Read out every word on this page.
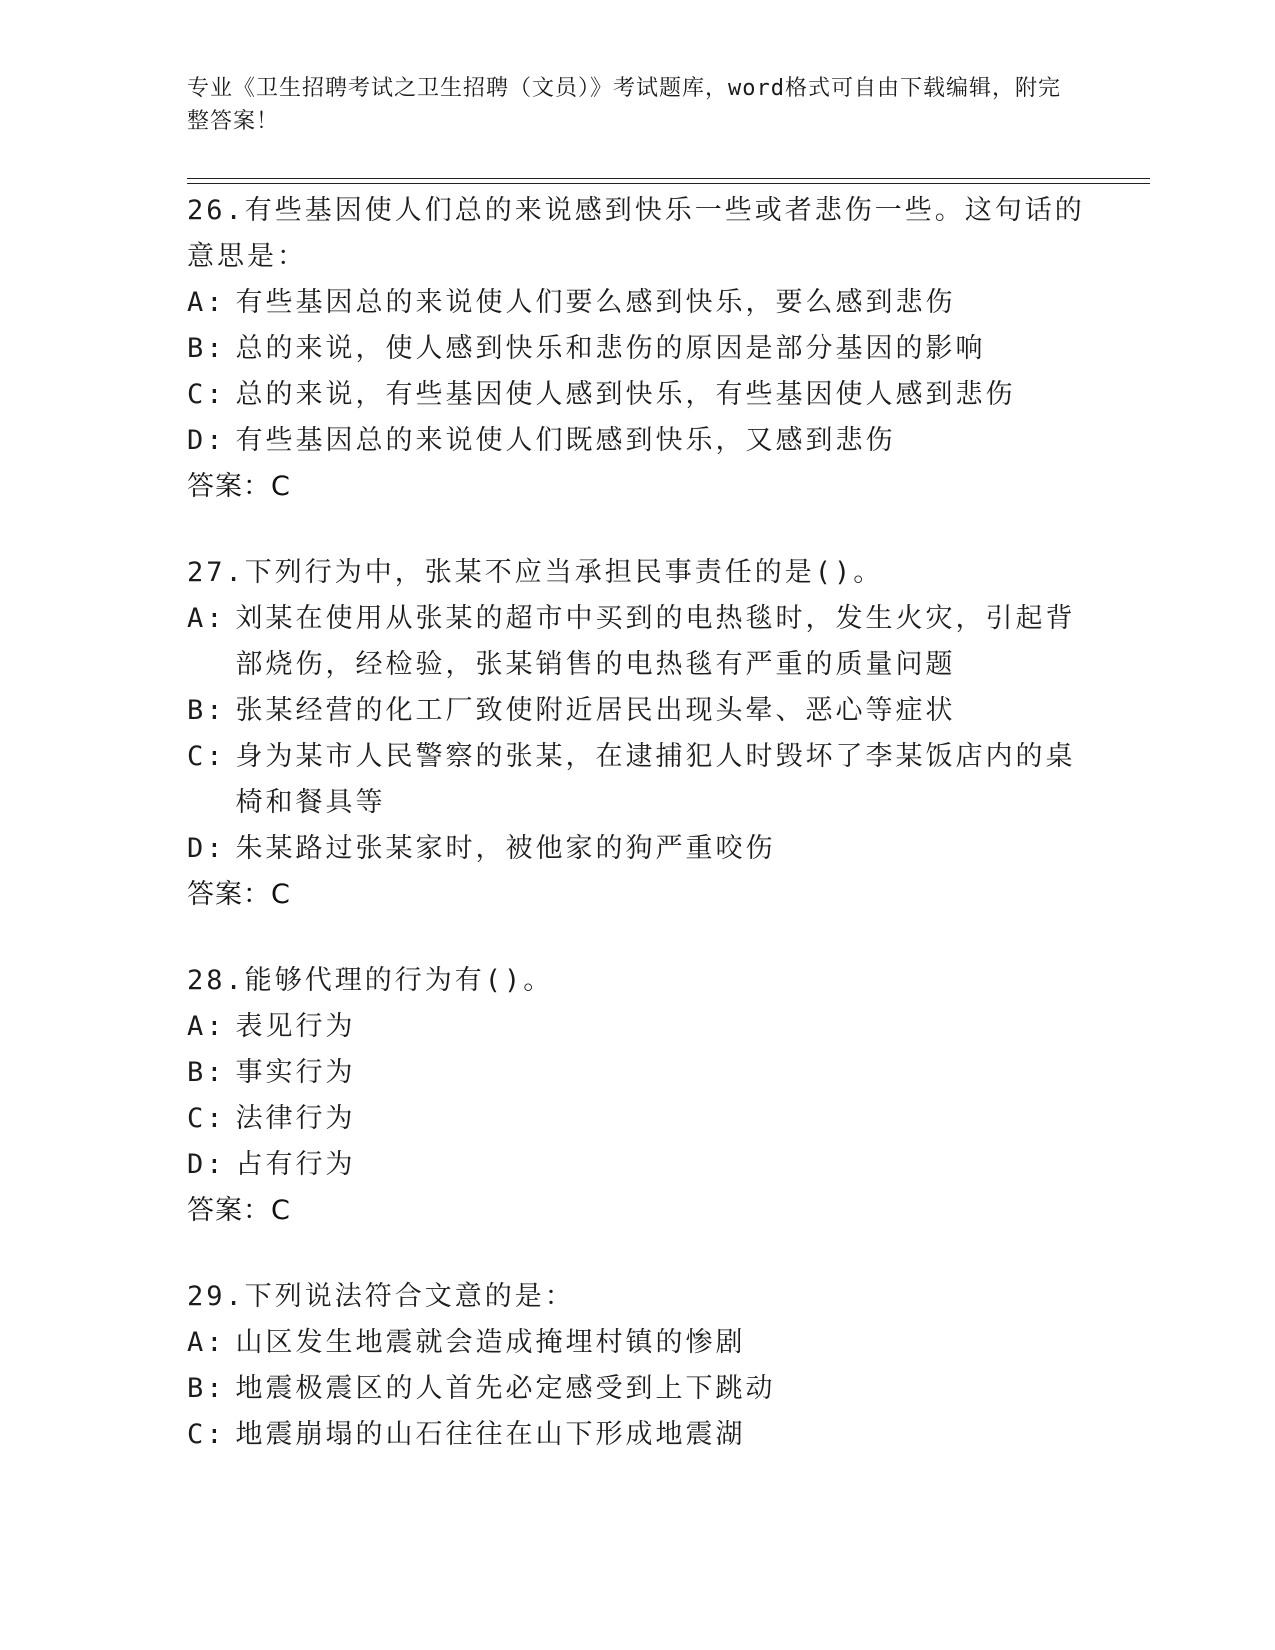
专业《卫生招聘考试之卫生招聘（文员）》考试题库，word格式可自由下载编辑，附完整答案！
26.有些基因使人们总的来说感到快乐一些或者悲伤一些。这句话的意思是：
A: 有些基因总的来说使人们要么感到快乐，要么感到悲伤
B: 总的来说，使人感到快乐和悲伤的原因是部分基因的影响
C: 总的来说，有些基因使人感到快乐，有些基因使人感到悲伤
D: 有些基因总的来说使人们既感到快乐，又感到悲伤
答案：C
27.下列行为中，张某不应当承担民事责任的是()。
A: 刘某在使用从张某的超市中买到的电热毯时，发生火灾，引起背部烧伤，经检验，张某销售的电热毯有严重的质量问题
B: 张某经营的化工厂致使附近居民出现头晕、恶心等症状
C: 身为某市人民警察的张某，在逮捕犯人时毁坏了李某饭店内的桌椅和餐具等
D: 朱某路过张某家时，被他家的狗严重咬伤
答案：C
28.能够代理的行为有()。
A: 表见行为
B: 事实行为
C: 法律行为
D: 占有行为
答案：C
29.下列说法符合文意的是：
A: 山区发生地震就会造成掩埋村镇的惨剧
B: 地震极震区的人首先必定感受到上下跳动
C: 地震崩塌的山石往往在山下形成地震湖
